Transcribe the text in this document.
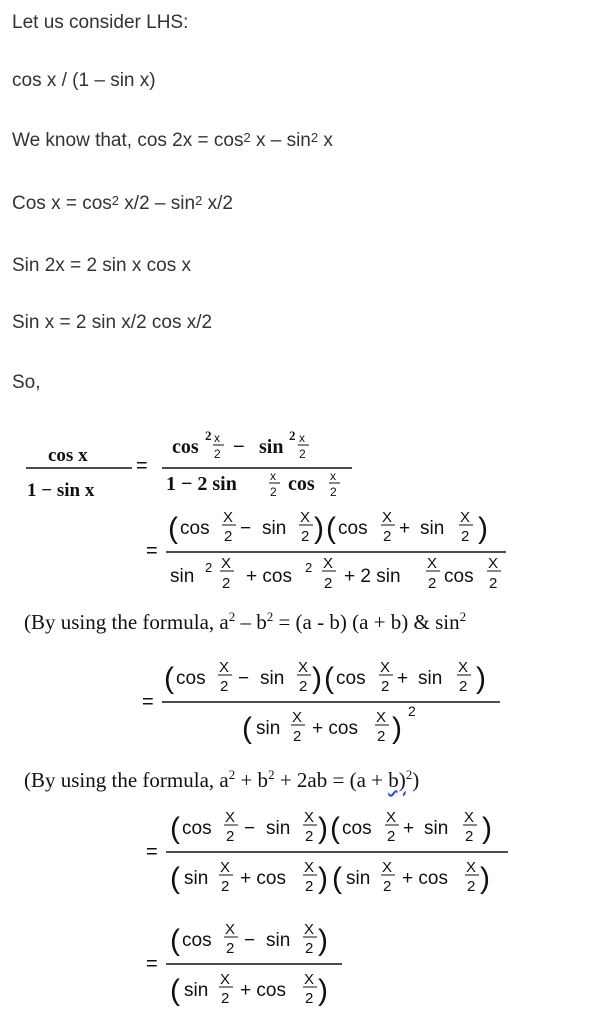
Let us consider LHS:

cos x / (1 – sin x)

We know that, $\cos 2x = \cos^2 x - \sin^2 x$

Cos $x = \cos^2 x/2 - \sin^2 x/2$

Sin 2x = 2 sin x cos x

Sin x = 2 sin x/2 cos x/2

So,

cos x
1 − sin x
=
cos
2 x
2 − sin
2 x
2
1 − 2 sin	x
2 cos x
2
=
( cos
X
2 − sin
X
2 ) ( cos
X
2 + sin
X
2 )
sin 2 X
2 + cos 2 X
2 + 2 sin
X
2 cos
X
2

(By using the formula, $a^2 - b^2 = (a - b) (a + b)$ & $\sin^2$

=
( cos
X
2 − sin
X
2 ) ( cos
X
2 + sin
X
2 )
( sin
X
2 + cos
X
2 )
2

(By using the formula, $a^2 + b^2 + 2ab = (a + b)^2$)

=
( cos
X
2 − sin
X
2 ) ( cos
X
2 + sin
X
2 )
( sin
X
2 + cos
X
2 ) ( sin
X
2 + cos
X
2 )
=
( cos
X
2 − sin
X
2 )
( sin
X
2 + cos
X
2 )
